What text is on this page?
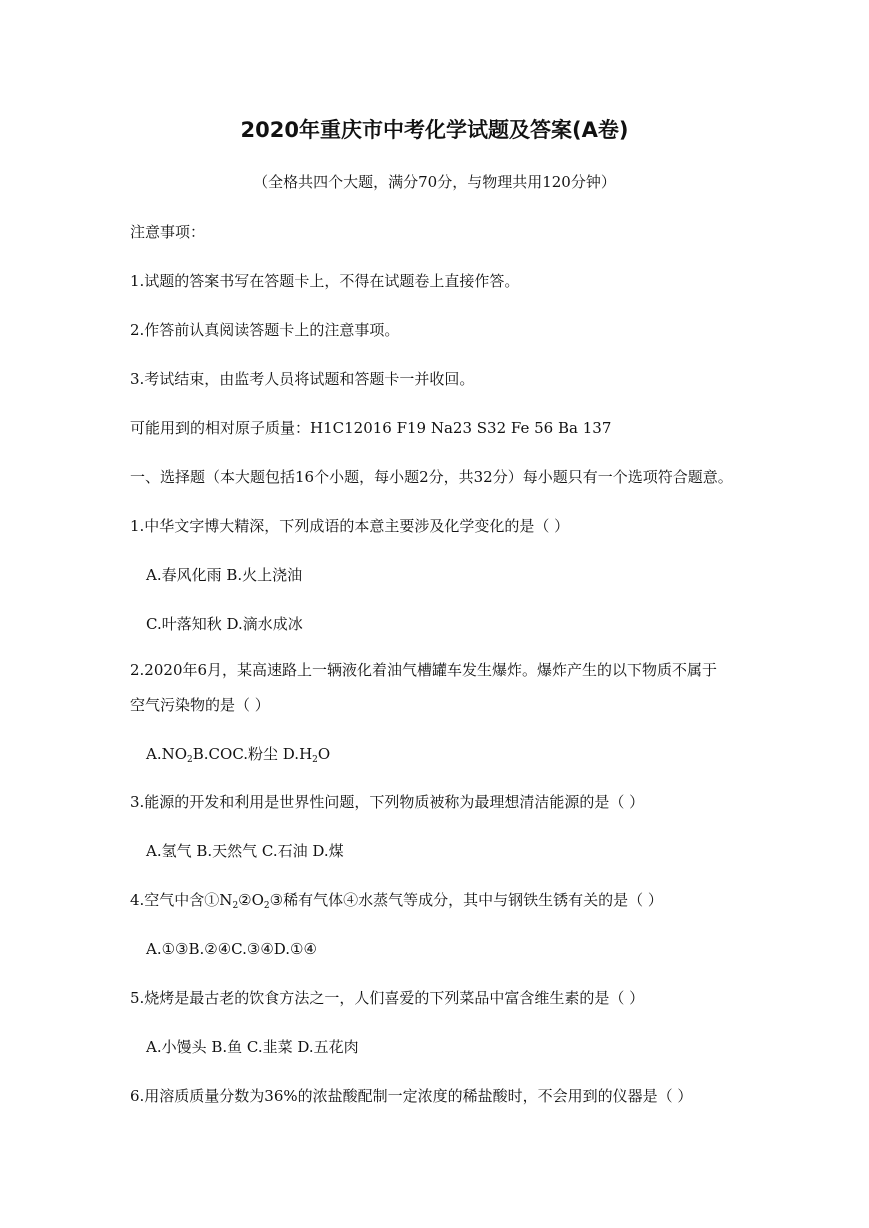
2020年重庆市中考化学试题及答案(A卷)
（全格共四个大题，满分70分，与物理共用120分钟）
注意事项：
1.试题的答案书写在答题卡上，不得在试题卷上直接作答。
2.作答前认真阅读答题卡上的注意事项。
3.考试结束，由监考人员将试题和答题卡一并收回。
可能用到的相对原子质量：H1C12016 F19 Na23 S32 Fe 56 Ba 137
一、选择题（本大题包括16个小题，每小题2分，共32分）每小题只有一个选项符合题意。
1.中华文字博大精深，下列成语的本意主要涉及化学变化的是（ ）
A.春风化雨 B.火上浇油
C.叶落知秋 D.滴水成冰
2.2020年6月，某高速路上一辆液化着油气槽罐车发生爆炸。爆炸产生的以下物质不属于
空气污染物的是（ ）
$A.NO_2B.COC$.粉尘 $D.H_2O$
3.能源的开发和利用是世界性问题，下列物质被称为最理想清洁能源的是（ ）
A.氢气 B.天然气 C.石油 D.煤
4.空气中含$①N_2②O_2③$稀有气体④水蒸气等成分，其中与钢铁生锈有关的是（ ）
A.①③B.②④C.③④D.①④
5.烧烤是最古老的饮食方法之一，人们喜爱的下列菜品中富含维生素的是（ ）
A.小馒头 B.鱼 C.韭菜 D.五花肉
6.用溶质质量分数为36%的浓盐酸配制一定浓度的稀盐酸时，不会用到的仪器是（ ）
